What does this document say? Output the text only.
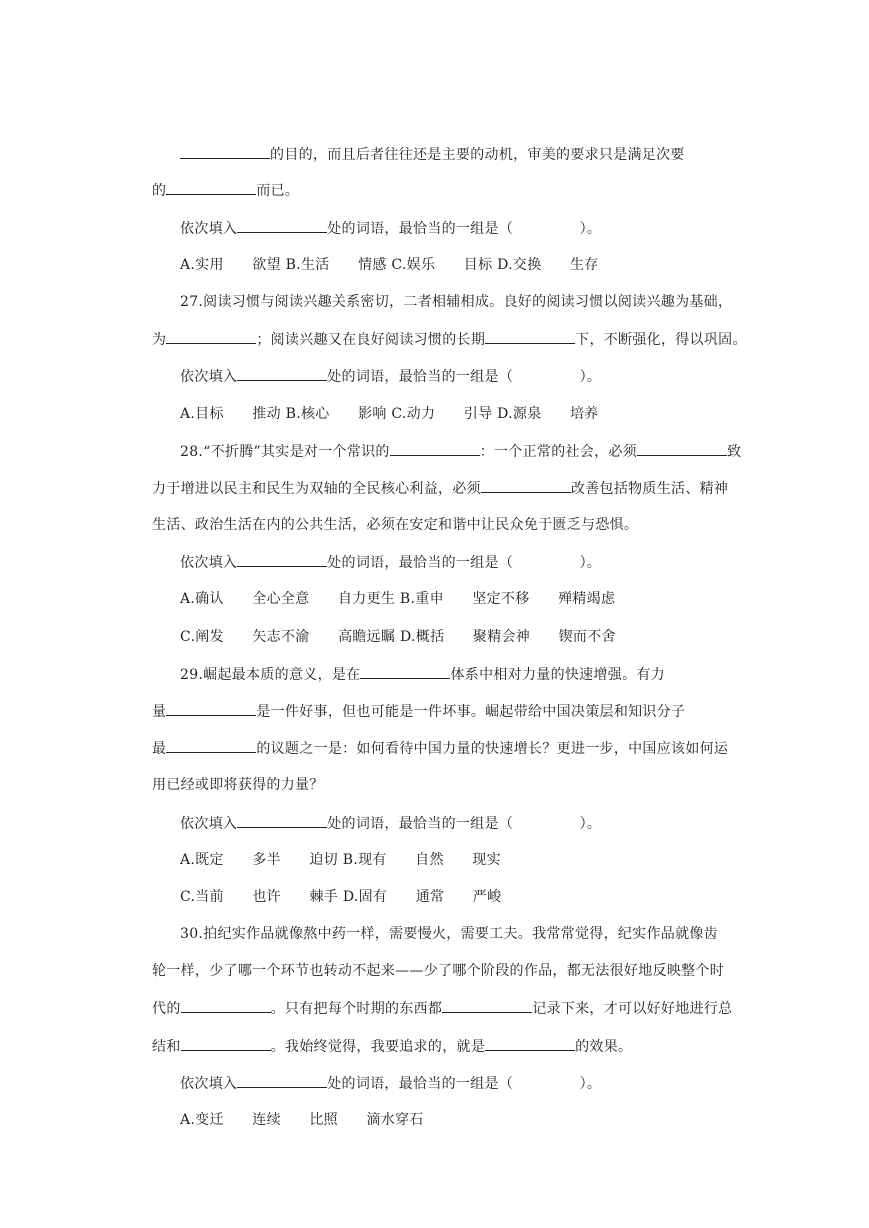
的目的，而且后者往往还是主要的动机，审美的要求只是满足次要

的	而已。

依次填入	处的词语，最恰当的一组是（              ）。

A.实用      欲望 B.生活      情感 C.娱乐      目标 D.交换      生存

27.阅读习惯与阅读兴趣关系密切，二者相辅相成。良好的阅读习惯以阅读兴趣为基础，

为	；阅读兴趣又在良好阅读习惯的长期	下，不断强化，得以巩固。

依次填入	处的词语，最恰当的一组是（              ）。

A.目标      推动 B.核心      影响 C.动力      引导 D.源泉      培养

28.“不折腾”其实是对一个常识的	：一个正常的社会，必须	致

力于增进以民主和民生为双轴的全民核心利益，必须	改善包括物质生活、精神

生活、政治生活在内的公共生活，必须在安定和谐中让民众免于匮乏与恐惧。

依次填入	处的词语，最恰当的一组是（              ）。

A.确认      全心全意      自力更生 B.重申      坚定不移      殚精竭虑

C.阐发      矢志不渝      高瞻远瞩 D.概括      聚精会神      锲而不舍

29.崛起最本质的意义，是在	体系中相对力量的快速增强。有力

量	是一件好事，但也可能是一件坏事。崛起带给中国决策层和知识分子

最	的议题之一是：如何看待中国力量的快速增长？更进一步，中国应该如何运

用已经或即将获得的力量？

依次填入	处的词语，最恰当的一组是（              ）。

A.既定      多半      迫切 B.现有      自然      现实

C.当前      也许      棘手 D.固有      通常      严峻

30.拍纪实作品就像熬中药一样，需要慢火，需要工夫。我常常觉得，纪实作品就像齿

轮一样，少了哪一个环节也转动不起来——少了哪个阶段的作品，都无法很好地反映整个时

代的	。只有把每个时期的东西都	记录下来，才可以好好地进行总

结和	。我始终觉得，我要追求的，就是	的效果。

依次填入	处的词语，最恰当的一组是（              ）。

A.变迁      连续      比照      滴水穿石
